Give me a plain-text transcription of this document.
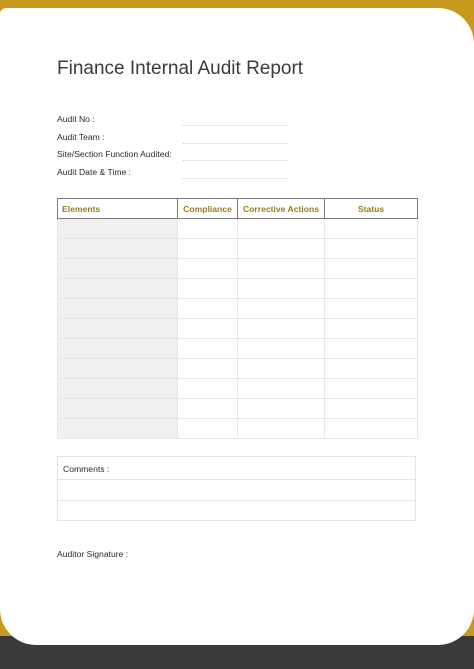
Finance Internal Audit Report
Audit No :
Audit Team :
Site/Section Function Audited:
Audit Date & Time :
Elements	Compliance	Corrective Actions	Status

Comments :
Auditor Signature :
